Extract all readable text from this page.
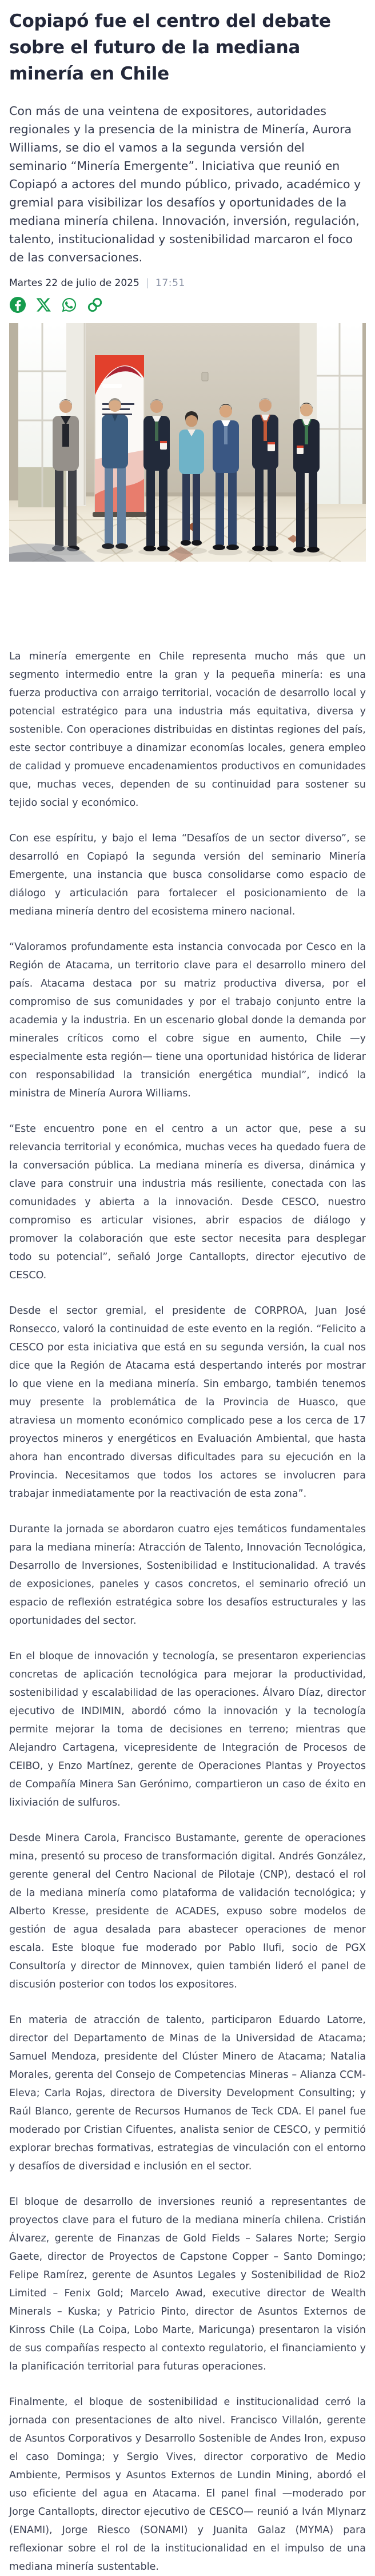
Copiapó fue el centro del debate sobre el futuro de la mediana minería en Chile

Con más de una veintena de expositores, autoridades regionales y la presencia de la ministra de Minería, Aurora Williams, se dio el vamos a la segunda versión del seminario “Minería Emergente”. Iniciativa que reunió en Copiapó a actores del mundo público, privado, académico y gremial para visibilizar los desafíos y oportunidades de la mediana minería chilena. Innovación, inversión, regulación, talento, institucionalidad y sostenibilidad marcaron el foco de las conversaciones.

Martes 22 de julio de 2025 | 17:51

La minería emergente en Chile representa mucho más que un segmento intermedio entre la gran y la pequeña minería: es una fuerza productiva con arraigo territorial, vocación de desarrollo local y potencial estratégico para una industria más equitativa, diversa y sostenible. Con operaciones distribuidas en distintas regiones del país, este sector contribuye a dinamizar economías locales, genera empleo de calidad y promueve encadenamientos productivos en comunidades que, muchas veces, dependen de su continuidad para sostener su tejido social y económico.

Con ese espíritu, y bajo el lema “Desafíos de un sector diverso”, se desarrolló en Copiapó la segunda versión del seminario Minería Emergente, una instancia que busca consolidarse como espacio de diálogo y articulación para fortalecer el posicionamiento de la mediana minería dentro del ecosistema minero nacional.

“Valoramos profundamente esta instancia convocada por Cesco en la Región de Atacama, un territorio clave para el desarrollo minero del país. Atacama destaca por su matriz productiva diversa, por el compromiso de sus comunidades y por el trabajo conjunto entre la academia y la industria. En un escenario global donde la demanda por minerales críticos como el cobre sigue en aumento, Chile —y especialmente esta región— tiene una oportunidad histórica de liderar con responsabilidad la transición energética mundial”, indicó la ministra de Minería Aurora Williams.

“Este encuentro pone en el centro a un actor que, pese a su relevancia territorial y económica, muchas veces ha quedado fuera de la conversación pública. La mediana minería es diversa, dinámica y clave para construir una industria más resiliente, conectada con las comunidades y abierta a la innovación. Desde CESCO, nuestro compromiso es articular visiones, abrir espacios de diálogo y promover la colaboración que este sector necesita para desplegar todo su potencial”, señaló Jorge Cantallopts, director ejecutivo de CESCO.

Desde el sector gremial, el presidente de CORPROA, Juan José Ronsecco, valoró la continuidad de este evento en la región. “Felicito a CESCO por esta iniciativa que está en su segunda versión, la cual nos dice que la Región de Atacama está despertando interés por mostrar lo que viene en la mediana minería. Sin embargo, también tenemos muy presente la problemática de la Provincia de Huasco, que atraviesa un momento económico complicado pese a los cerca de 17 proyectos mineros y energéticos en Evaluación Ambiental, que hasta ahora han encontrado diversas dificultades para su ejecución en la Provincia. Necesitamos que todos los actores se involucren para trabajar inmediatamente por la reactivación de esta zona”.

Durante la jornada se abordaron cuatro ejes temáticos fundamentales para la mediana minería: Atracción de Talento, Innovación Tecnológica, Desarrollo de Inversiones, Sostenibilidad e Institucionalidad. A través de exposiciones, paneles y casos concretos, el seminario ofreció un espacio de reflexión estratégica sobre los desafíos estructurales y las oportunidades del sector.

En el bloque de innovación y tecnología, se presentaron experiencias concretas de aplicación tecnológica para mejorar la productividad, sostenibilidad y escalabilidad de las operaciones. Álvaro Díaz, director ejecutivo de INDIMIN, abordó cómo la innovación y la tecnología permite mejorar la toma de decisiones en terreno; mientras que Alejandro Cartagena, vicepresidente de Integración de Procesos de CEIBO, y Enzo Martínez, gerente de Operaciones Plantas y Proyectos de Compañía Minera San Gerónimo, compartieron un caso de éxito en lixiviación de sulfuros.

Desde Minera Carola, Francisco Bustamante, gerente de operaciones mina, presentó su proceso de transformación digital. Andrés González, gerente general del Centro Nacional de Pilotaje (CNP), destacó el rol de la mediana minería como plataforma de validación tecnológica; y Alberto Kresse, presidente de ACADES, expuso sobre modelos de gestión de agua desalada para abastecer operaciones de menor escala. Este bloque fue moderado por Pablo Ilufi, socio de PGX Consultoría y director de Minnovex, quien también lideró el panel de discusión posterior con todos los expositores.

En materia de atracción de talento, participaron Eduardo Latorre, director del Departamento de Minas de la Universidad de Atacama; Samuel Mendoza, presidente del Clúster Minero de Atacama; Natalia Morales, gerenta del Consejo de Competencias Mineras – Alianza CCM-Eleva; Carla Rojas, directora de Diversity Development Consulting; y Raúl Blanco, gerente de Recursos Humanos de Teck CDA. El panel fue moderado por Cristian Cifuentes, analista senior de CESCO, y permitió explorar brechas formativas, estrategias de vinculación con el entorno y desafíos de diversidad e inclusión en el sector.

El bloque de desarrollo de inversiones reunió a representantes de proyectos clave para el futuro de la mediana minería chilena. Cristián Álvarez, gerente de Finanzas de Gold Fields – Salares Norte; Sergio Gaete, director de Proyectos de Capstone Copper – Santo Domingo; Felipe Ramírez, gerente de Asuntos Legales y Sostenibilidad de Rio2 Limited – Fenix Gold; Marcelo Awad, executive director de Wealth Minerals – Kuska; y Patricio Pinto, director de Asuntos Externos de Kinross Chile (La Coipa, Lobo Marte, Maricunga) presentaron la visión de sus compañías respecto al contexto regulatorio, el financiamiento y la planificación territorial para futuras operaciones.

Finalmente, el bloque de sostenibilidad e institucionalidad cerró la jornada con presentaciones de alto nivel. Francisco Villalón, gerente de Asuntos Corporativos y Desarrollo Sostenible de Andes Iron, expuso el caso Dominga; y Sergio Vives, director corporativo de Medio Ambiente, Permisos y Asuntos Externos de Lundin Mining, abordó el uso eficiente del agua en Atacama. El panel final —moderado por Jorge Cantallopts, director ejecutivo de CESCO— reunió a Iván Mlynarz (ENAMI), Jorge Riesco (SONAMI) y Juanita Galaz (MYMA) para reflexionar sobre el rol de la institucionalidad en el impulso de una mediana minería sustentable.
